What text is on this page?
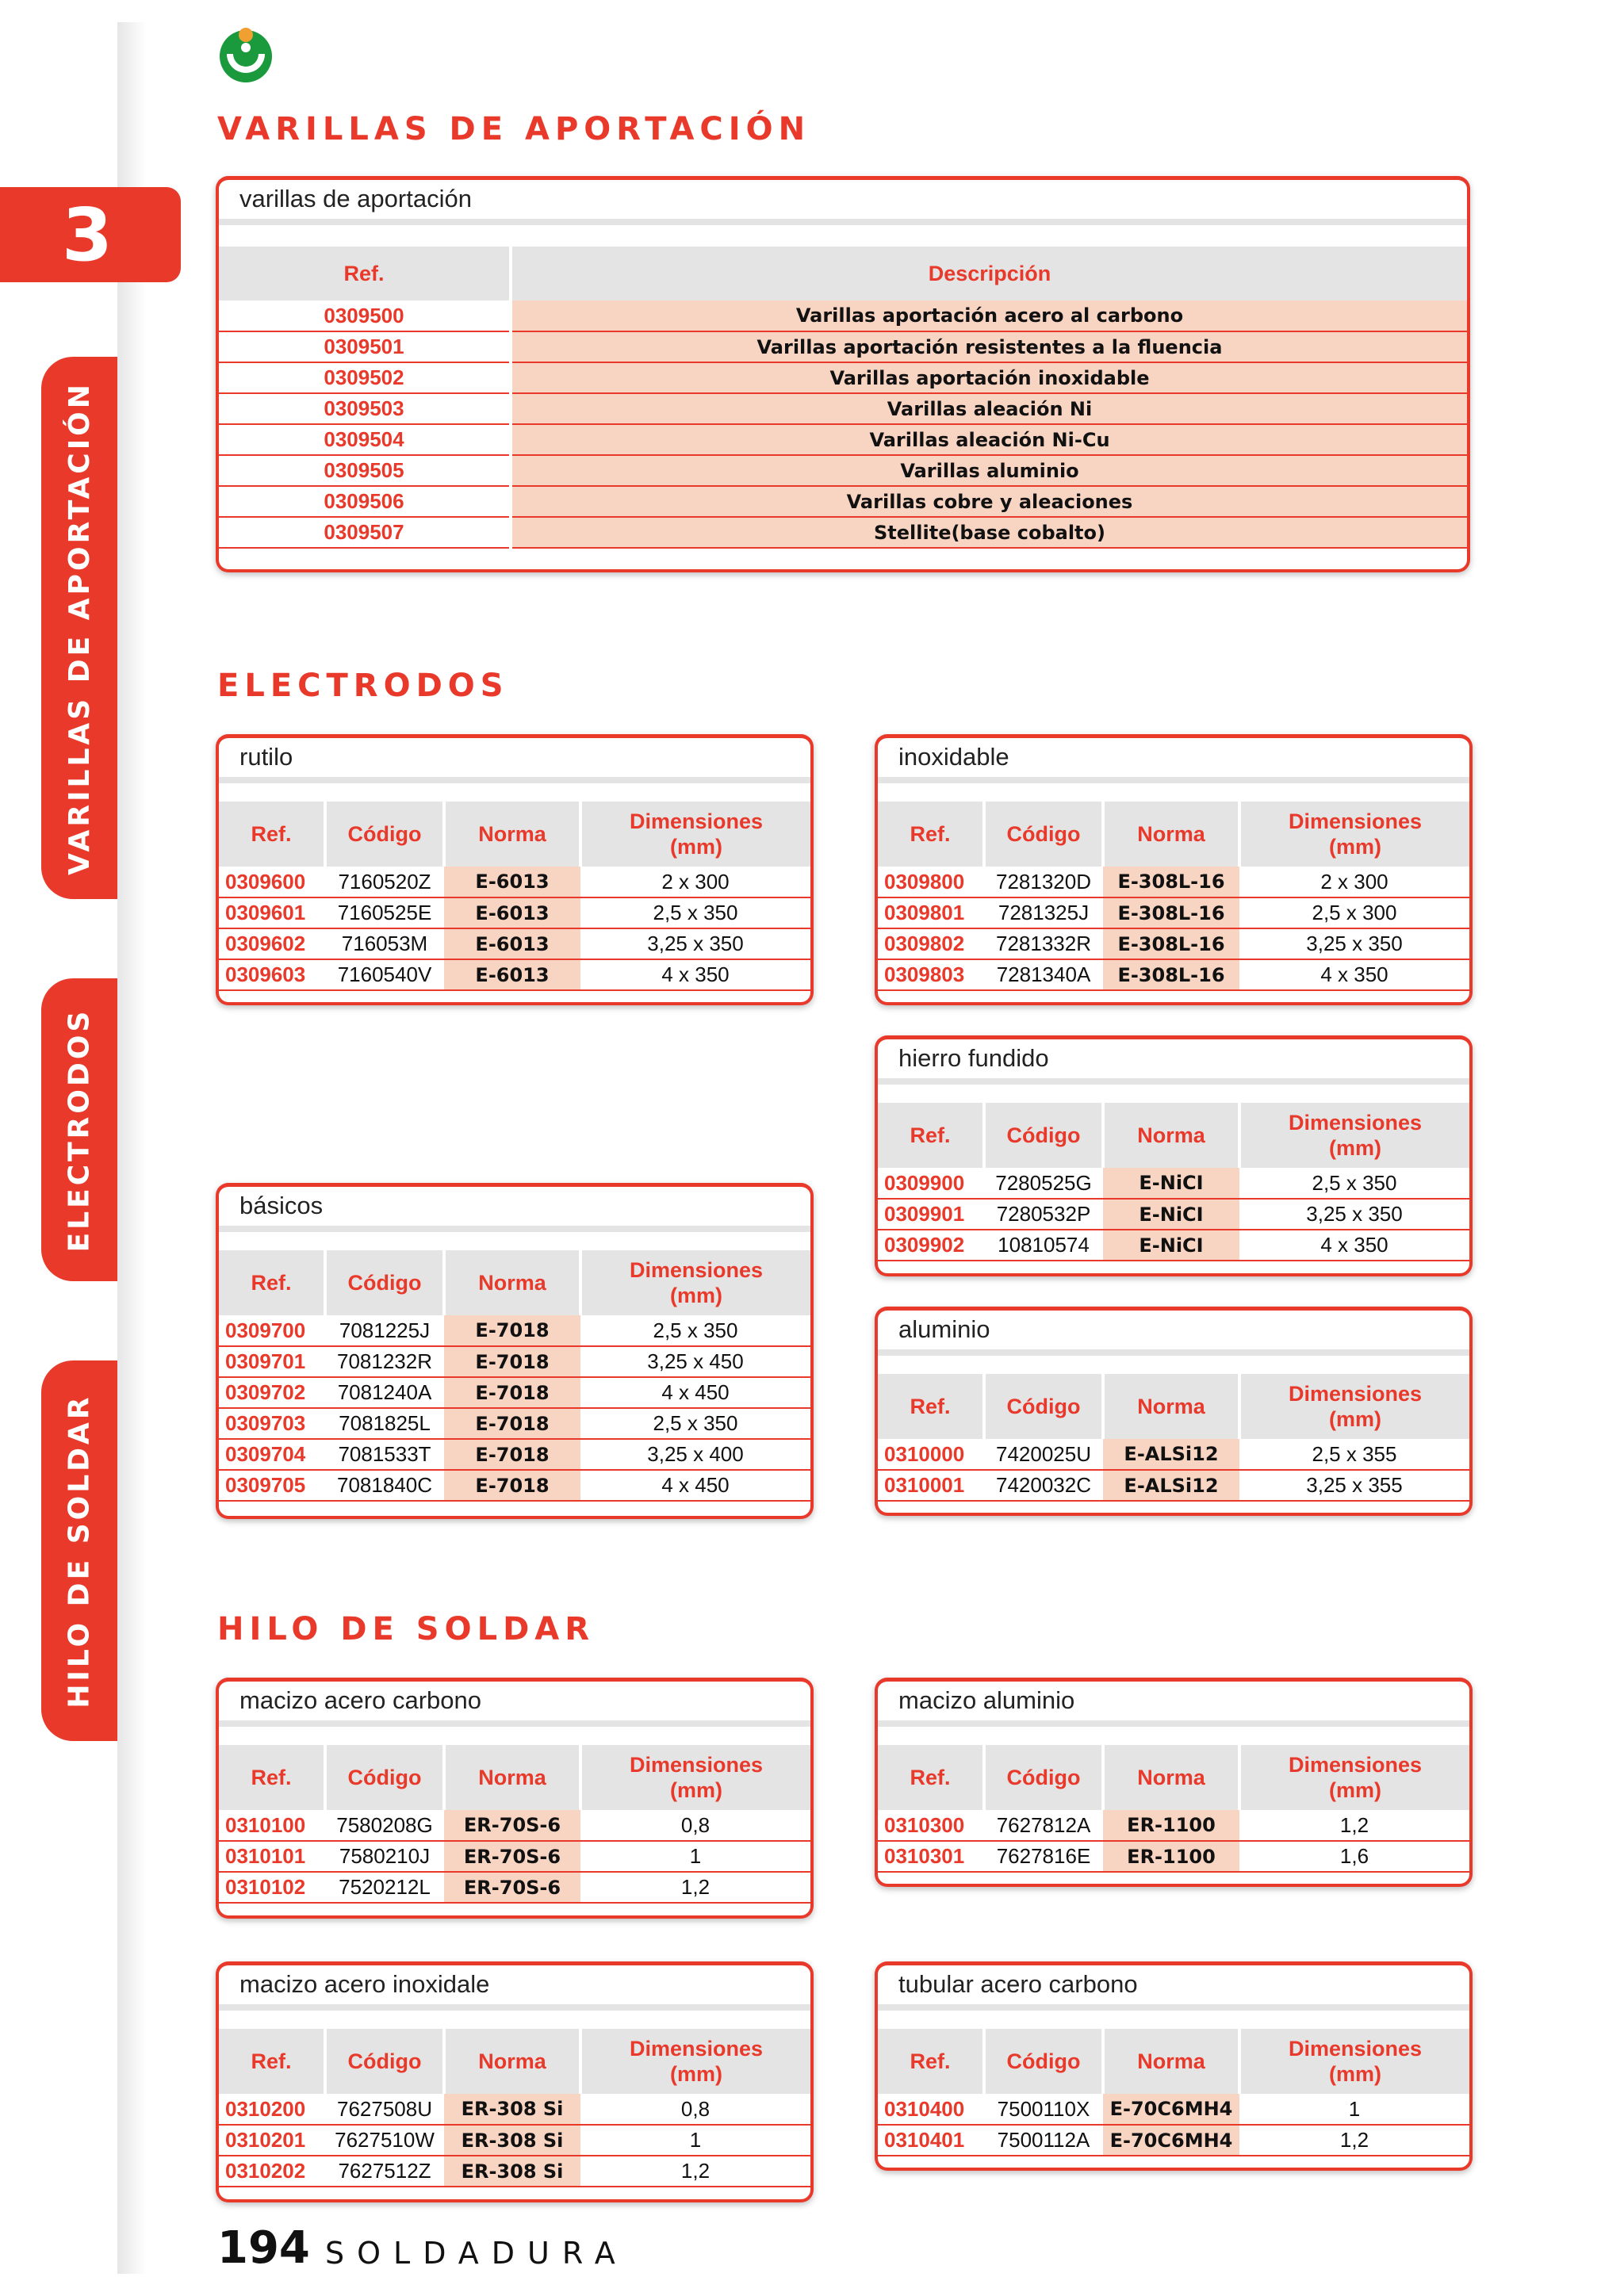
3
VARILLAS DE APORTACIÓN
ELECTRODOS
HILO DE SOLDAR
VARILLAS DE APORTACIÓN
ELECTRODOS
HILO DE SOLDAR
varillas de aportación
Ref.	Descripción
0309500	Varillas aportación acero al carbono
0309501	Varillas aportación resistentes a la fluencia
0309502	Varillas aportación inoxidable
0309503	Varillas aleación Ni
0309504	Varillas aleación Ni-Cu
0309505	Varillas aluminio
0309506	Varillas cobre y aleaciones
0309507	Stellite(base cobalto)
rutilo
Ref.	Código	Norma	Dimensiones
(mm)

0309600	7160520Z	E-6013	2 x 300
0309601	7160525E	E-6013	2,5 x 350
0309602	716053M	E-6013	3,25 x 350
0309603	7160540V	E-6013	4 x 350
inoxidable
Ref.	Código	Norma	Dimensiones
(mm)

0309800	7281320D	E-308L-16	2 x 300
0309801	7281325J	E-308L-16	2,5 x 300
0309802	7281332R	E-308L-16	3,25 x 350
0309803	7281340A	E-308L-16	4 x 350
hierro fundido
Ref.	Código	Norma	Dimensiones
(mm)

0309900	7280525G	E-NiCI	2,5 x 350
0309901	7280532P	E-NiCI	3,25 x 350
0309902	10810574	E-NiCI	4 x 350
básicos
Ref.	Código	Norma	Dimensiones
(mm)

0309700	7081225J	E-7018	2,5 x 350
0309701	7081232R	E-7018	3,25 x 450
0309702	7081240A	E-7018	4 x 450
0309703	7081825L	E-7018	2,5 x 350
0309704	7081533T	E-7018	3,25 x 400
0309705	7081840C	E-7018	4 x 450
aluminio
Ref.	Código	Norma	Dimensiones
(mm)

0310000	7420025U	E-ALSi12	2,5 x 355
0310001	7420032C	E-ALSi12	3,25 x 355
macizo acero carbono
Ref.	Código	Norma	Dimensiones
(mm)

0310100	7580208G	ER-70S-6	0,8
0310101	7580210J	ER-70S-6	1
0310102	7520212L	ER-70S-6	1,2
macizo aluminio
Ref.	Código	Norma	Dimensiones
(mm)

0310300	7627812A	ER-1100	1,2
0310301	7627816E	ER-1100	1,6
macizo acero inoxidale
Ref.	Código	Norma	Dimensiones
(mm)

0310200	7627508U	ER-308 Si	0,8
0310201	7627510W	ER-308 Si	1
0310202	7627512Z	ER-308 Si	1,2
tubular acero carbono
Ref.	Código	Norma	Dimensiones
(mm)

0310400	7500110X	E-70C6MH4	1
0310401	7500112A	E-70C6MH4	1,2
194 SOLDADURA
